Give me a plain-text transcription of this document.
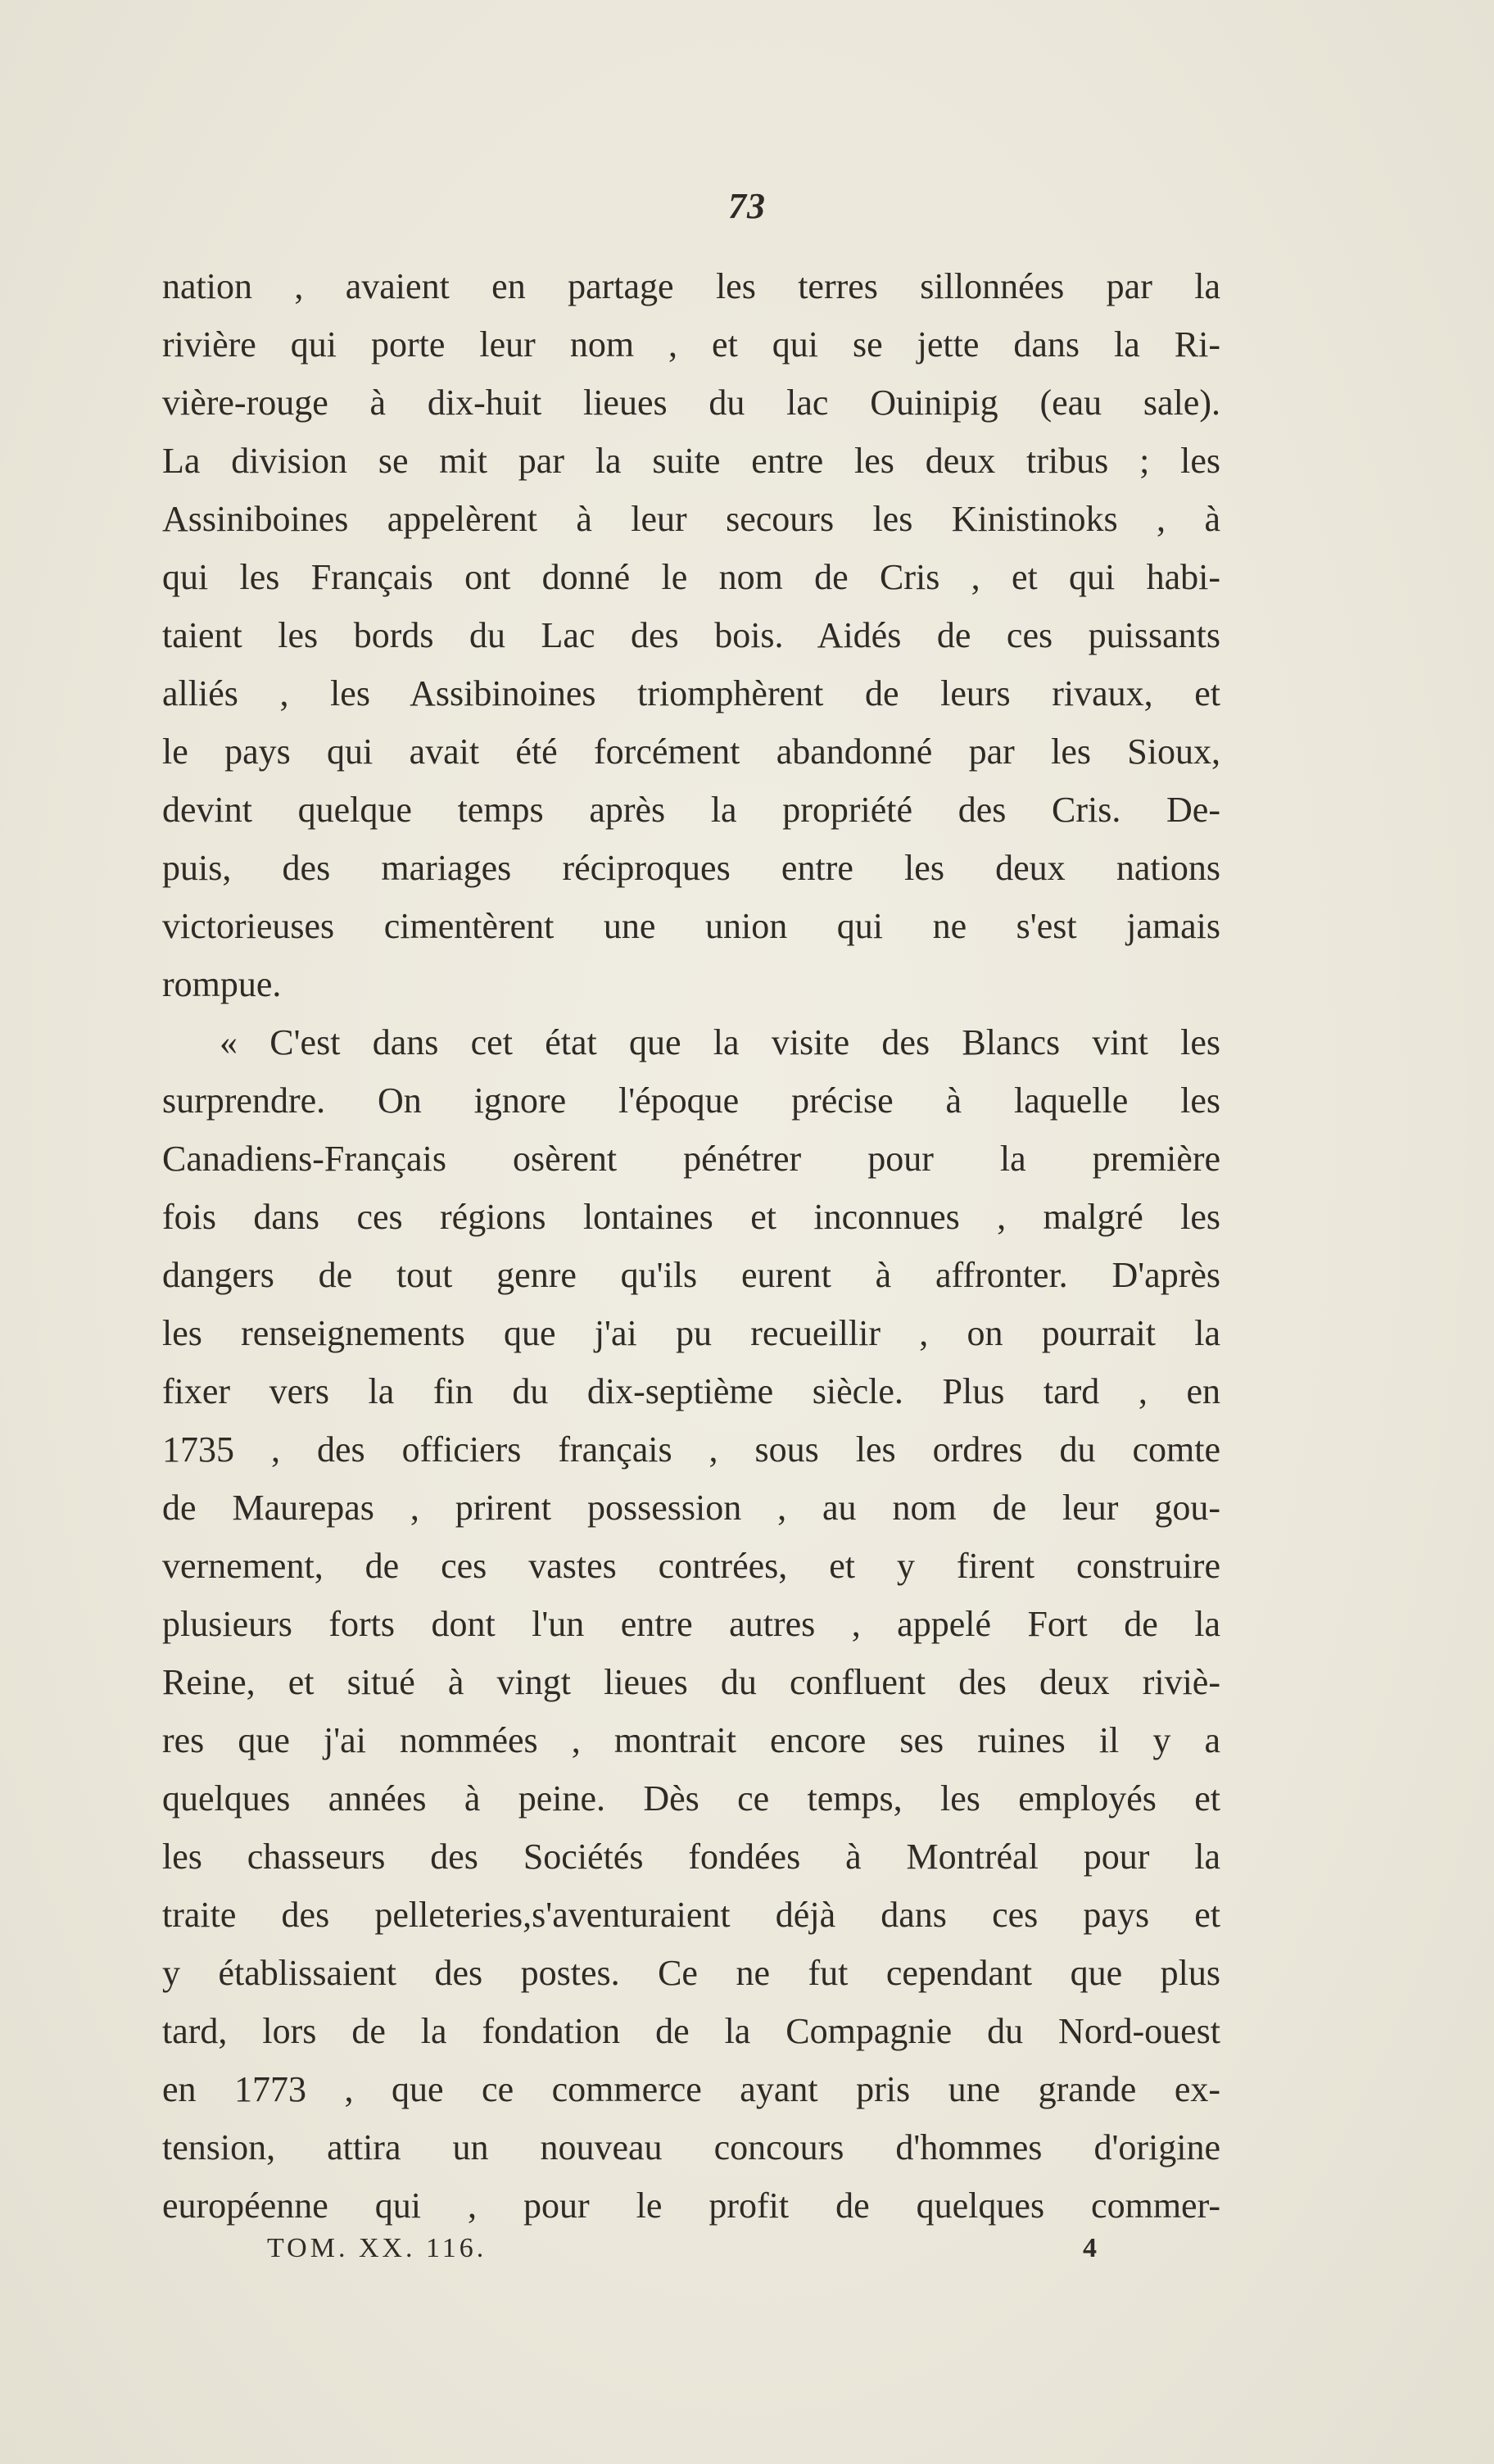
73
nation , avaient en partage les terres sillonnées par la
rivière qui porte leur nom , et qui se jette dans la Ri-
vière-rouge à dix-huit lieues du lac Ouinipig (eau sale).
La division se mit par la suite entre les deux tribus ; les
Assiniboines appelèrent à leur secours les Kinistinoks , à
qui les Français ont donné le nom de Cris , et qui habi-
taient les bords du Lac des bois. Aidés de ces puissants
alliés , les Assibinoines triomphèrent de leurs rivaux, et
le pays qui avait été forcément abandonné par les Sioux,
devint quelque temps après la propriété des Cris. De-
puis, des mariages réciproques entre les deux nations
victorieuses cimentèrent une union qui ne s'est jamais
rompue.
« C'est dans cet état que la visite des Blancs vint les
surprendre. On ignore l'époque précise à laquelle les
Canadiens-Français osèrent pénétrer pour la première
fois dans ces régions lontaines et inconnues , malgré les
dangers de tout genre qu'ils eurent à affronter. D'après
les renseignements que j'ai pu recueillir , on pourrait la
fixer vers la fin du dix-septième siècle. Plus tard , en
1735 , des officiers français , sous les ordres du comte
de Maurepas , prirent possession , au nom de leur gou-
vernement, de ces vastes contrées, et y firent construire
plusieurs forts dont l'un entre autres , appelé Fort de la
Reine, et situé à vingt lieues du confluent des deux riviè-
res que j'ai nommées , montrait encore ses ruines il y a
quelques années à peine. Dès ce temps, les employés et
les chasseurs des Sociétés fondées à Montréal pour la
traite des pelleteries,s'aventuraient déjà dans ces pays et
y établissaient des postes. Ce ne fut cependant que plus
tard, lors de la fondation de la Compagnie du Nord-ouest
en 1773 , que ce commerce ayant pris une grande ex-
tension, attira un nouveau concours d'hommes d'origine
européenne qui , pour le profit de quelques commer-
TOM. XX. 116.	4
